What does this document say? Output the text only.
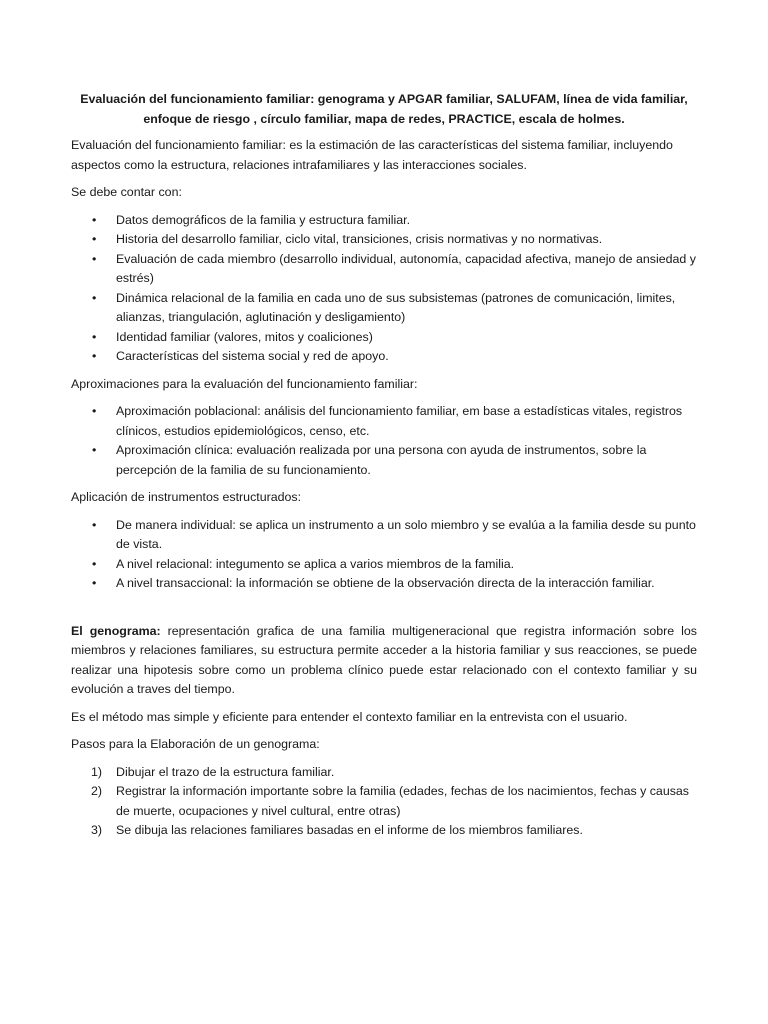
Evaluación del funcionamiento familiar: genograma y APGAR familiar, SALUFAM, línea de vida familiar, enfoque de riesgo , círculo familiar, mapa de redes, PRACTICE, escala de holmes.
Evaluación del funcionamiento familiar: es la estimación de las características del sistema familiar, incluyendo aspectos como la estructura, relaciones intrafamiliares y las interacciones sociales.
Se debe contar con:
• Datos demográficos de la familia y estructura familiar.
• Historia del desarrollo familiar, ciclo vital, transiciones, crisis normativas y no normativas.
• Evaluación de cada miembro (desarrollo individual, autonomía, capacidad afectiva, manejo de ansiedad y estrés)
• Dinámica relacional de la familia en cada uno de sus subsistemas (patrones de comunicación, limites, alianzas, triangulación, aglutinación y desligamiento)
• Identidad familiar (valores, mitos y coaliciones)
• Características del sistema social y red de apoyo.
Aproximaciones para la evaluación del funcionamiento familiar:
• Aproximación poblacional: análisis del funcionamiento familiar, em base a estadísticas vitales, registros clínicos, estudios epidemiológicos, censo, etc.
• Aproximación clínica: evaluación realizada por una persona con ayuda de instrumentos, sobre la percepción de la familia de su funcionamiento.
Aplicación de instrumentos estructurados:
• De manera individual: se aplica un instrumento a un solo miembro y se evalúa a la familia desde su punto de vista.
• A nivel relacional: integumento se aplica a varios miembros de la familia.
• A nivel transaccional: la información se obtiene de la observación directa de la interacción familiar.
El genograma: representación grafica de una familia multigeneracional que registra información sobre los miembros y relaciones familiares, su estructura permite acceder a la historia familiar y sus reacciones, se puede realizar una hipotesis sobre como un problema clínico puede estar relacionado con el contexto familiar y su evolución a traves del tiempo.
Es el método mas simple y eficiente para entender el contexto familiar en la entrevista con el usuario.
Pasos para la Elaboración de un genograma:
1) Dibujar el trazo de la estructura familiar.
2) Registrar la información importante sobre la familia (edades, fechas de los nacimientos, fechas y causas de muerte, ocupaciones y nivel cultural, entre otras)
3) Se dibuja las relaciones familiares basadas en el informe de los miembros familiares.
